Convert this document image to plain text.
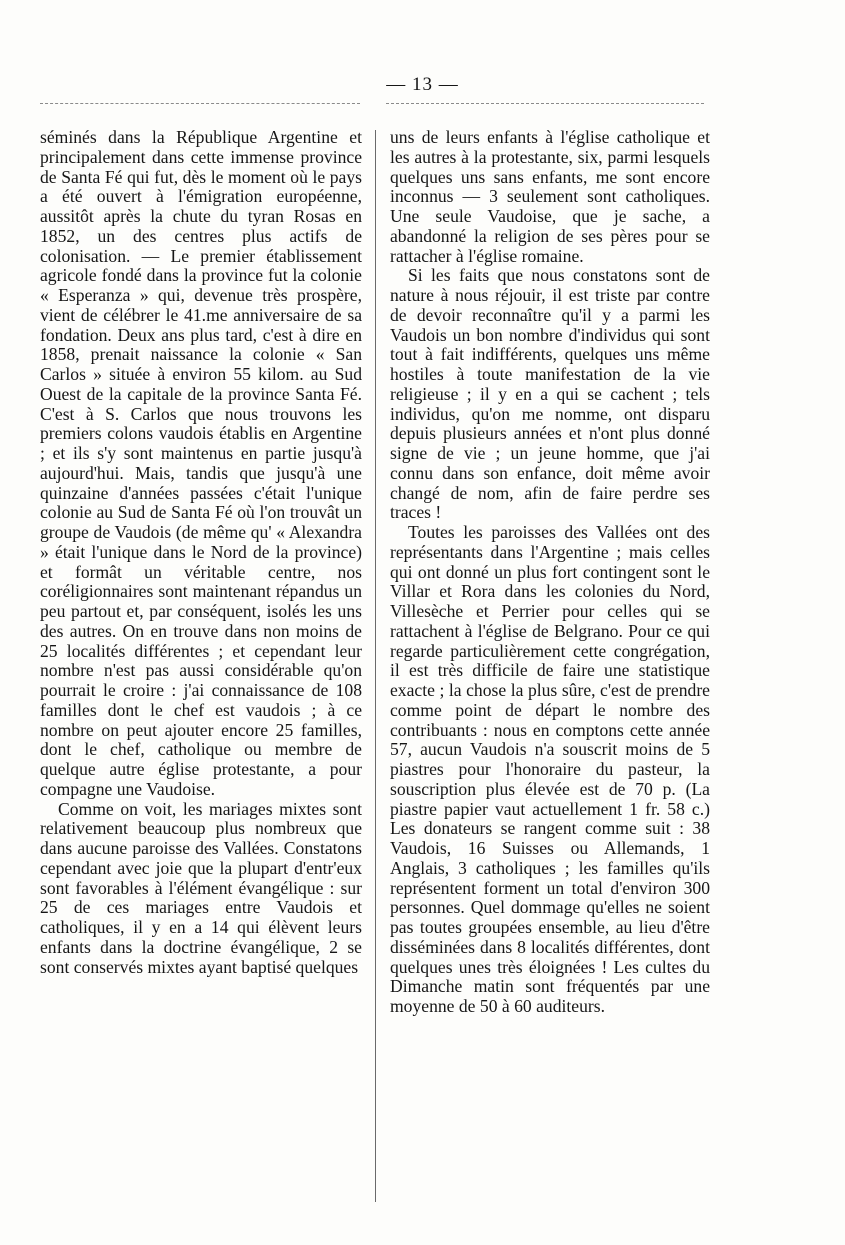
— 13 —

séminés dans la République Argentine et principalement dans cette immense province de Santa Fé qui fut, dès le moment où le pays a été ouvert à l'émigration européenne, aussitôt après la chute du tyran Rosas en 1852, un des centres plus actifs de colonisation. — Le premier établissement agricole fondé dans la province fut la colonie « Esperanza » qui, devenue très prospère, vient de célébrer le 41.me anniversaire de sa fondation. Deux ans plus tard, c'est à dire en 1858, prenait naissance la colonie « San Carlos » située à environ 55 kilom. au Sud Ouest de la capitale de la province Santa Fé. C'est à S. Carlos que nous trouvons les premiers colons vaudois établis en Argentine ; et ils s'y sont maintenus en partie jusqu'à aujourd'hui. Mais, tandis que jusqu'à une quinzaine d'années passées c'était l'unique colonie au Sud de Santa Fé où l'on trouvât un groupe de Vaudois (de même qu' « Alexandra » était l'unique dans le Nord de la province) et formât un véritable centre, nos coréligionnaires sont maintenant répandus un peu partout et, par conséquent, isolés les uns des autres. On en trouve dans non moins de 25 localités différentes ; et cependant leur nombre n'est pas aussi considérable qu'on pourrait le croire : j'ai connaissance de 108 familles dont le chef est vaudois ; à ce nombre on peut ajouter encore 25 familles, dont le chef, catholique ou membre de quelque autre église protestante, a pour compagne une Vaudoise.

Comme on voit, les mariages mixtes sont relativement beaucoup plus nombreux que dans aucune paroisse des Vallées. Constatons cependant avec joie que la plupart d'entr'eux sont favorables à l'élément évangélique : sur 25 de ces mariages entre Vaudois et catholiques, il y en a 14 qui élèvent leurs enfants dans la doctrine évangélique, 2 se sont conservés mixtes ayant baptisé quelques

uns de leurs enfants à l'église catholique et les autres à la protestante, six, parmi lesquels quelques uns sans enfants, me sont encore inconnus — 3 seulement sont catholiques. Une seule Vaudoise, que je sache, a abandonné la religion de ses pères pour se rattacher à l'église romaine.

Si les faits que nous constatons sont de nature à nous réjouir, il est triste par contre de devoir reconnaître qu'il y a parmi les Vaudois un bon nombre d'individus qui sont tout à fait indifférents, quelques uns même hostiles à toute manifestation de la vie religieuse ; il y en a qui se cachent ; tels individus, qu'on me nomme, ont disparu depuis plusieurs années et n'ont plus donné signe de vie ; un jeune homme, que j'ai connu dans son enfance, doit même avoir changé de nom, afin de faire perdre ses traces !

Toutes les paroisses des Vallées ont des représentants dans l'Argentine ; mais celles qui ont donné un plus fort contingent sont le Villar et Rora dans les colonies du Nord, Villesèche et Perrier pour celles qui se rattachent à l'église de Belgrano. Pour ce qui regarde particulièrement cette congrégation, il est très difficile de faire une statistique exacte ; la chose la plus sûre, c'est de prendre comme point de départ le nombre des contribuants : nous en comptons cette année 57, aucun Vaudois n'a souscrit moins de 5 piastres pour l'honoraire du pasteur, la souscription plus élevée est de 70 p. (La piastre papier vaut actuellement 1 fr. 58 c.) Les donateurs se rangent comme suit : 38 Vaudois, 16 Suisses ou Allemands, 1 Anglais, 3 catholiques ; les familles qu'ils représentent forment un total d'environ 300 personnes. Quel dommage qu'elles ne soient pas toutes groupées ensemble, au lieu d'être disséminées dans 8 localités différentes, dont quelques unes très éloignées ! Les cultes du Dimanche matin sont fréquentés par une moyenne de 50 à 60 auditeurs.
